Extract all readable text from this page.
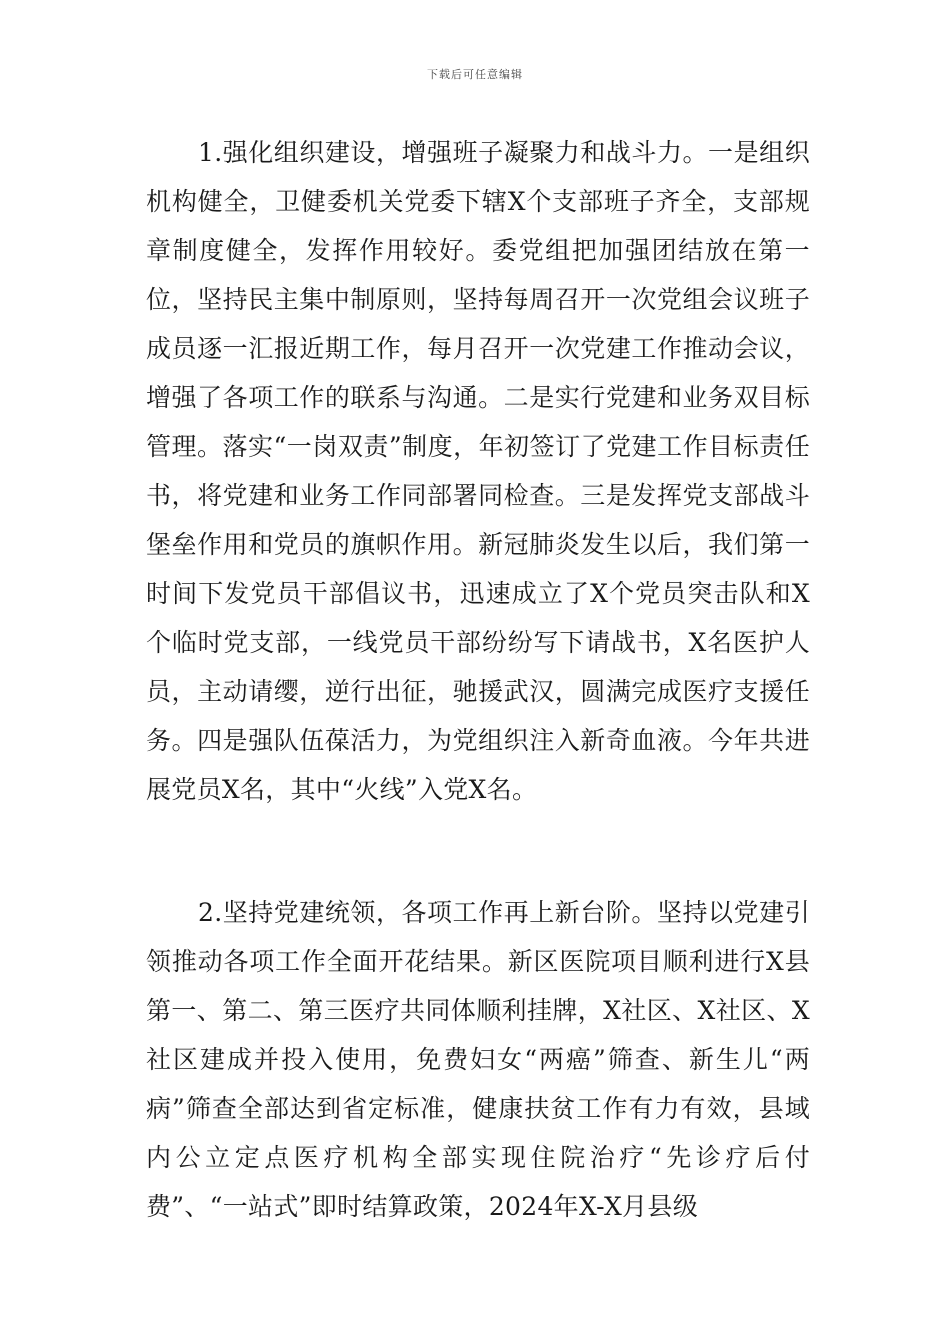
下载后可任意编辑

1.强化组织建设，增强班子凝聚力和战斗力。一是组织机构健全，卫健委机关党委下辖X个支部班子齐全，支部规章制度健全，发挥作用较好。委党组把加强团结放在第一位，坚持民主集中制原则，坚持每周召开一次党组会议班子成员逐一汇报近期工作，每月召开一次党建工作推动会议，增强了各项工作的联系与沟通。二是实行党建和业务双目标管理。落实“一岗双责”制度，年初签订了党建工作目标责任书，将党建和业务工作同部署同检查。三是发挥党支部战斗堡垒作用和党员的旗帜作用。新冠肺炎发生以后，我们第一时间下发党员干部倡议书，迅速成立了X个党员突击队和X个临时党支部，一线党员干部纷纷写下请战书，X名医护人员，主动请缨，逆行出征，驰援武汉，圆满完成医疗支援任务。四是强队伍葆活力，为党组织注入新奇血液。今年共进展党员X名，其中“火线”入党X名。

2.坚持党建统领，各项工作再上新台阶。坚持以党建引领推动各项工作全面开花结果。新区医院项目顺利进行X县第一、第二、第三医疗共同体顺利挂牌，X社区、X社区、X社区建成并投入使用，免费妇女“两癌”筛查、新生儿“两病”筛查全部达到省定标准，健康扶贫工作有力有效，县域内公立定点医疗机构全部实现住院治疗“先诊疗后付费”、“一站式”即时结算政策，2024年X-X月县级
